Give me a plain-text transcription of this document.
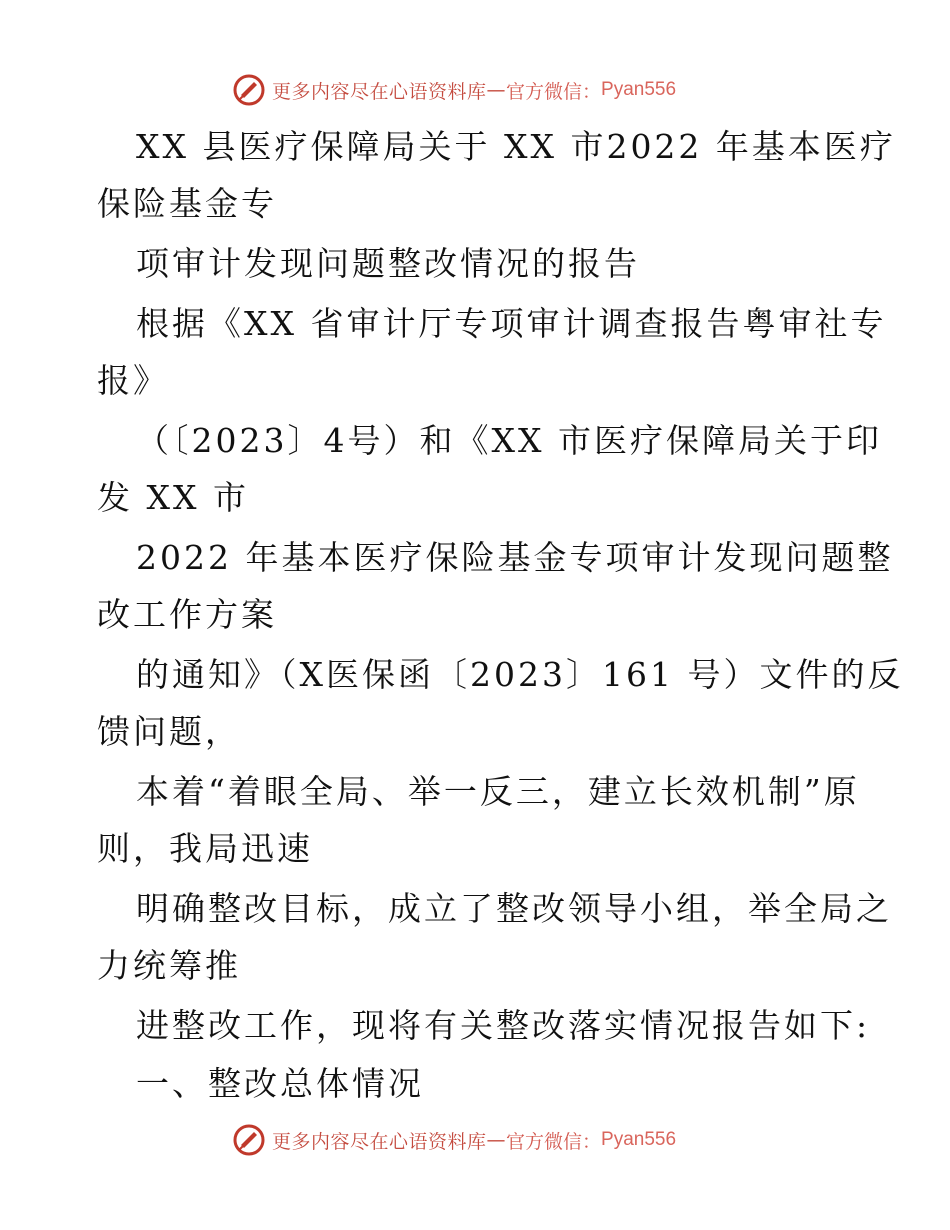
更多内容尽在心语资料库 — 官方微信： Pyan556
XX 县医疗保障局关于 XX 市2022 年基本医疗
保险基金专
项审计发现问题整改情况的报告
根据《XX 省审计厅专项审计调查报告粤审社专
报》
（〔2023〕4号）和《XX 市医疗保障局关于印
发 XX 市
2022 年基本医疗保险基金专项审计发现问题整
改工作方案
的通知》（X医保函〔2023〕161 号）文件的反
馈问题，
本着“着眼全局、举一反三，建立长效机制”原
则，我局迅速
明确整改目标，成立了整改领导小组，举全局之
力统筹推
进整改工作，现将有关整改落实情况报告如下:
一、整改总体情况
更多内容尽在心语资料库 — 官方微信： Pyan556
